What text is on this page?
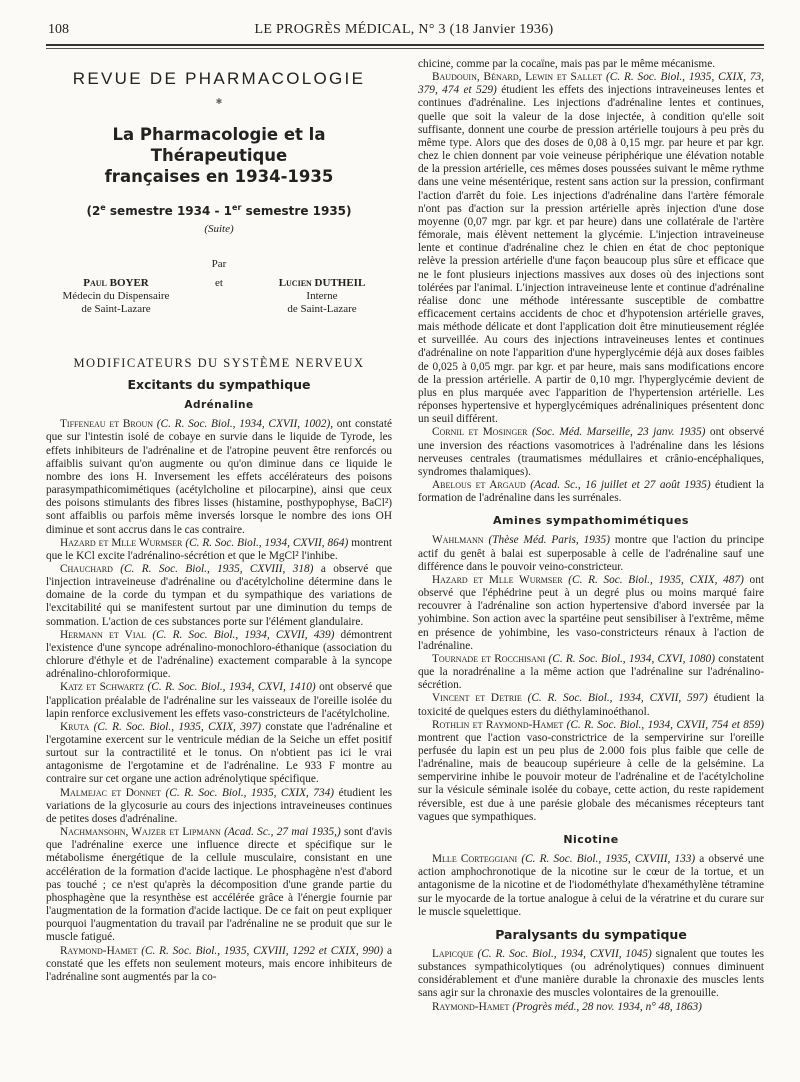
108	LE PROGRÈS MÉDICAL, N° 3 (18 Janvier 1936)
REVUE DE PHARMACOLOGIE
✱
La Pharmacologie et la Thérapeutique
françaises en 1934-1935
(2e semestre 1934 - 1er semestre 1935)
(Suite)
Par
Paul BOYER
Médecin du Dispensaire
de Saint-Lazare
et	Lucien DUTHEIL
Interne
de Saint-Lazare
MODIFICATEURS DU SYSTÈME NERVEUX
Excitants du sympathique
Adrénaline

Tiffeneau et Broun (C. R. Soc. Biol., 1934, CXVII, 1002), ont constaté que sur l'intestin isolé de cobaye en survie dans le liquide de Tyrode, les effets inhibiteurs de l'adrénaline et de l'atropine peuvent être renforcés ou affaiblis suivant qu'on augmente ou qu'on diminue dans ce liquide le nombre des ions H. Inversement les effets accélérateurs des poisons parasympathicomimétiques (acétylcholine et pilocarpine), ainsi que ceux des poisons stimulants des fibres lisses (histamine, posthypophyse, BaCl²) sont affaiblis ou parfois même inversés lorsque le nombre des ions OH diminue et sont accrus dans le cas contraire.

Hazard et Mlle Wurmser (C. R. Soc. Biol., 1934, CXVII, 864) montrent que le KCl excite l'adrénalino-sécrétion et que le MgCl² l'inhibe.

Chauchard (C. R. Soc. Biol., 1935, CXVIII, 318) a observé que l'injection intraveineuse d'adrénaline ou d'acétylcholine détermine dans le domaine de la corde du tympan et du sympathique des variations de l'excitabilité qui se manifestent surtout par une diminution du temps de sommation. L'action de ces substances porte sur l'élément glandulaire.

Hermann et Vial (C. R. Soc. Biol., 1934, CXVII, 439) démontrent l'existence d'une syncope adrénalino-monochloro-éthanique (association du chlorure d'éthyle et de l'adrénaline) exactement comparable à la syncope adrénalino-chloroformique.

Katz et Schwartz (C. R. Soc. Biol., 1934, CXVI, 1410) ont observé que l'application préalable de l'adrénaline sur les vaisseaux de l'oreille isolée du lapin renforce exclusivement les effets vaso-constricteurs de l'acétylcholine.

Kruta (C. R. Soc. Biol., 1935, CXIX, 397) constate que l'adrénaline et l'ergotamine exercent sur le ventricule médian de la Seiche un effet positif surtout sur la contractilité et le tonus. On n'obtient pas ici le vrai antagonisme de l'ergotamine et de l'adrénaline. Le 933 F montre au contraire sur cet organe une action adrénolytique spécifique.

Malmejac et Donnet (C. R. Soc. Biol., 1935, CXIX, 734) étudient les variations de la glycosurie au cours des injections intraveineuses continues de petites doses d'adrénaline.

Nachmansohn, Wajzer et Lipmann (Acad. Sc., 27 mai 1935,) sont d'avis que l'adrénaline exerce une influence directe et spécifique sur le métabolisme énergétique de la cellule musculaire, consistant en une accélération de la formation d'acide lactique. Le phosphagène n'est d'abord pas touché ; ce n'est qu'après la décomposition d'une grande partie du phosphagène que la resynthèse est accélérée grâce à l'énergie fournie par l'augmentation de la formation d'acide lactique. De ce fait on peut expliquer pourquoi l'augmentation du travail par l'adrénaline ne se produit que sur le muscle fatigué.

Raymond-Hamet (C. R. Soc. Biol., 1935, CXVIII, 1292 et CXIX, 990) a constaté que les effets non seulement moteurs, mais encore inhibiteurs de l'adrénaline sont augmentés par la co-

chicine, comme par la cocaïne, mais pas par le même mécanisme.

Baudouin, Bénard, Lewin et Sallet (C. R. Soc. Biol., 1935, CXIX, 73, 379, 474 et 529) étudient les effets des injections intraveineuses lentes et continues d'adrénaline. Les injections d'adrénaline lentes et continues, quelle que soit la valeur de la dose injectée, à condition qu'elle soit suffisante, donnent une courbe de pression artérielle toujours à peu près du même type. Alors que des doses de 0,08 à 0,15 mgr. par heure et par kgr. chez le chien donnent par voie veineuse périphérique une élévation notable de la pression artérielle, ces mêmes doses poussées suivant le même rythme dans une veine mésentérique, restent sans action sur la pression, confirmant l'action d'arrêt du foie. Les injections d'adrénaline dans l'artère fémorale n'ont pas d'action sur la pression artérielle après injection d'une dose moyenne (0,07 mgr. par kgr. et par heure) dans une collatérale de l'artère fémorale, mais élèvent nettement la glycémie. L'injection intraveineuse lente et continue d'adrénaline chez le chien en état de choc peptonique relève la pression artérielle d'une façon beaucoup plus sûre et efficace que ne le font plusieurs injections massives aux doses où des injections sont tolérées par l'animal. L'injection intraveineuse lente et continue d'adrénaline réalise donc une méthode intéressante susceptible de combattre efficacement certains accidents de choc et d'hypotension artérielle graves, mais méthode délicate et dont l'application doit être minutieusement réglée et surveillée. Au cours des injections intraveineuses lentes et continues d'adrénaline on note l'apparition d'une hyperglycémie déjà aux doses faibles de 0,025 à 0,05 mgr. par kgr. et par heure, mais sans modifications encore de la pression artérielle. A partir de 0,10 mgr. l'hyperglycémie devient de plus en plus marquée avec l'apparition de l'hypertension artérielle. Les réponses hypertensive et hyperglycémiques adrénaliniques présentent donc un seuil différent.

Cornil et Mosinger (Soc. Méd. Marseille, 23 janv. 1935) ont observé une inversion des réactions vasomotrices à l'adrénaline dans les lésions nerveuses centrales (traumatismes médullaires et crânio-encéphaliques, syndromes thalamiques).

Abelous et Argaud (Acad. Sc., 16 juillet et 27 août 1935) étudient la formation de l'adrénaline dans les surrénales.

Amines sympathomimétiques

Wahlmann (Thèse Méd. Paris, 1935) montre que l'action du principe actif du genêt à balai est superposable à celle de l'adrénaline sauf une différence dans le pouvoir veino-constricteur.

Hazard et Mlle Wurmser (C. R. Soc. Biol., 1935, CXIX, 487) ont observé que l'éphédrine peut à un degré plus ou moins marqué faire recouvrer à l'adrénaline son action hypertensive d'abord inversée par la yohimbine. Son action avec la spartéine peut sensibiliser à l'extrême, même en présence de yohimbine, les vaso-constricteurs rénaux à l'action de l'adrénaline.

Tournade et Rocchisani (C. R. Soc. Biol., 1934, CXVI, 1080) constatent que la noradrénaline a la même action que l'adrénaline sur l'adrénalino-sécrétion.

Vincent et Detrie (C. R. Soc. Biol., 1934, CXVII, 597) étudient la toxicité de quelques esters du diéthylaminoéthanol.

Rothlin et Raymond-Hamet (C. R. Soc. Biol., 1934, CXVII, 754 et 859) montrent que l'action vaso-constrictrice de la sempervirine sur l'oreille perfusée du lapin est un peu plus de 2.000 fois plus faible que celle de l'adrénaline, mais de beaucoup supérieure à celle de la gelsémine. La sempervirine inhibe le pouvoir moteur de l'adrénaline et de l'acétylcholine sur la vésicule séminale isolée du cobaye, cette action, du reste rapidement réversible, est due à une parésie globale des mécanismes récepteurs tant vagues que sympathiques.

Nicotine

Mlle Corteggiani (C. R. Soc. Biol., 1935, CXVIII, 133) a observé une action amphochronotique de la nicotine sur le cœur de la tortue, et un antagonisme de la nicotine et de l'iodométhylate d'hexaméthylène tétramine sur le myocarde de la tortue analogue à celui de la vératrine et du curare sur le muscle squelettique.

Paralysants du sympatique

Lapicque (C. R. Soc. Biol., 1934, CXVII, 1045) signalent que toutes les substances sympathicolytiques (ou adrénolytiques) connues diminuent considérablement et d'une manière durable la chronaxie des muscles lents sans agir sur la chronaxie des muscles volontaires de la grenouille.

Raymond-Hamet (Progrès méd., 28 nov. 1934, n° 48, 1863)
